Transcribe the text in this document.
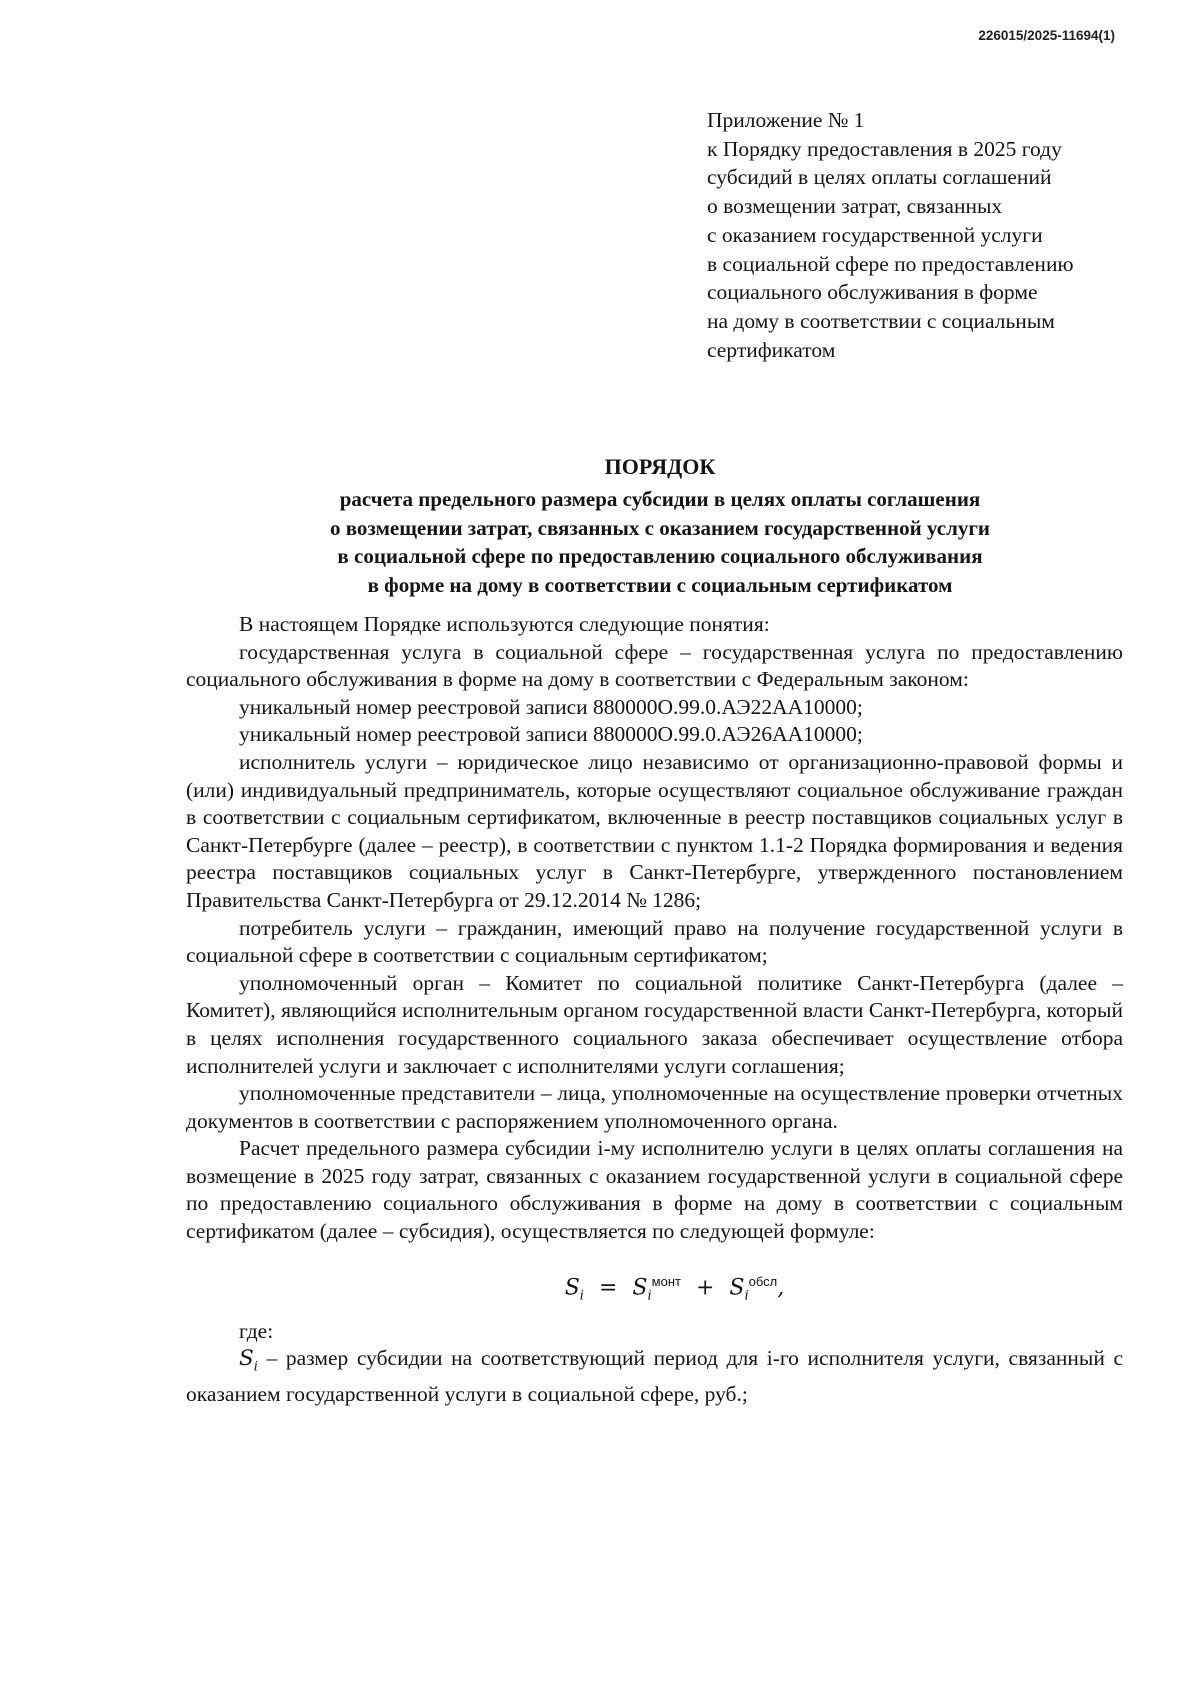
226015/2025-11694(1)
Приложение № 1
к Порядку предоставления в 2025 году
субсидий в целях оплаты соглашений
о возмещении затрат, связанных
с оказанием государственной услуги
в социальной сфере по предоставлению
социального обслуживания в форме
на дому в соответствии с социальным
сертификатом
ПОРЯДОК
расчета предельного размера субсидии в целях оплаты соглашения
о возмещении затрат, связанных с оказанием государственной услуги
в социальной сфере по предоставлению социального обслуживания
в форме на дому в соответствии с социальным сертификатом

В настоящем Порядке используются следующие понятия:

государственная услуга в социальной сфере – государственная услуга по предоставлению социального обслуживания в форме на дому в соответствии с Федеральным законом:

уникальный номер реестровой записи 880000О.99.0.АЭ22АА10000;

уникальный номер реестровой записи 880000О.99.0.АЭ26АА10000;

исполнитель услуги – юридическое лицо независимо от организационно-правовой формы и (или) индивидуальный предприниматель, которые осуществляют социальное обслуживание граждан в соответствии с социальным сертификатом, включенные в реестр поставщиков социальных услуг в Санкт-Петербурге (далее – реестр), в соответствии с пунктом 1.1-2 Порядка формирования и ведения реестра поставщиков социальных услуг в Санкт-Петербурге, утвержденного постановлением Правительства Санкт-Петербурга от 29.12.2014 № 1286;

потребитель услуги – гражданин, имеющий право на получение государственной услуги в социальной сфере в соответствии с социальным сертификатом;

уполномоченный орган – Комитет по социальной политике Санкт-Петербурга (далее – Комитет), являющийся исполнительным органом государственной власти Санкт-Петербурга, который в целях исполнения государственного социального заказа обеспечивает осуществление отбора исполнителей услуги и заключает с исполнителями услуги соглашения;

уполномоченные представители – лица, уполномоченные на осуществление проверки отчетных документов в соответствии с распоряжением уполномоченного органа.

Расчет предельного размера субсидии i-му исполнителю услуги в целях оплаты соглашения на возмещение в 2025 году затрат, связанных с оказанием государственной услуги в социальной сфере по предоставлению социального обслуживания в форме на дому в соответствии с социальным сертификатом (далее – субсидия), осуществляется по следующей формуле:

$S_i = S_i^{монт} + S_i^{обсл}$,

где:

$S_i$ – размер субсидии на соответствующий период для i-го исполнителя услуги, связанный с оказанием государственной услуги в социальной сфере, руб.;
